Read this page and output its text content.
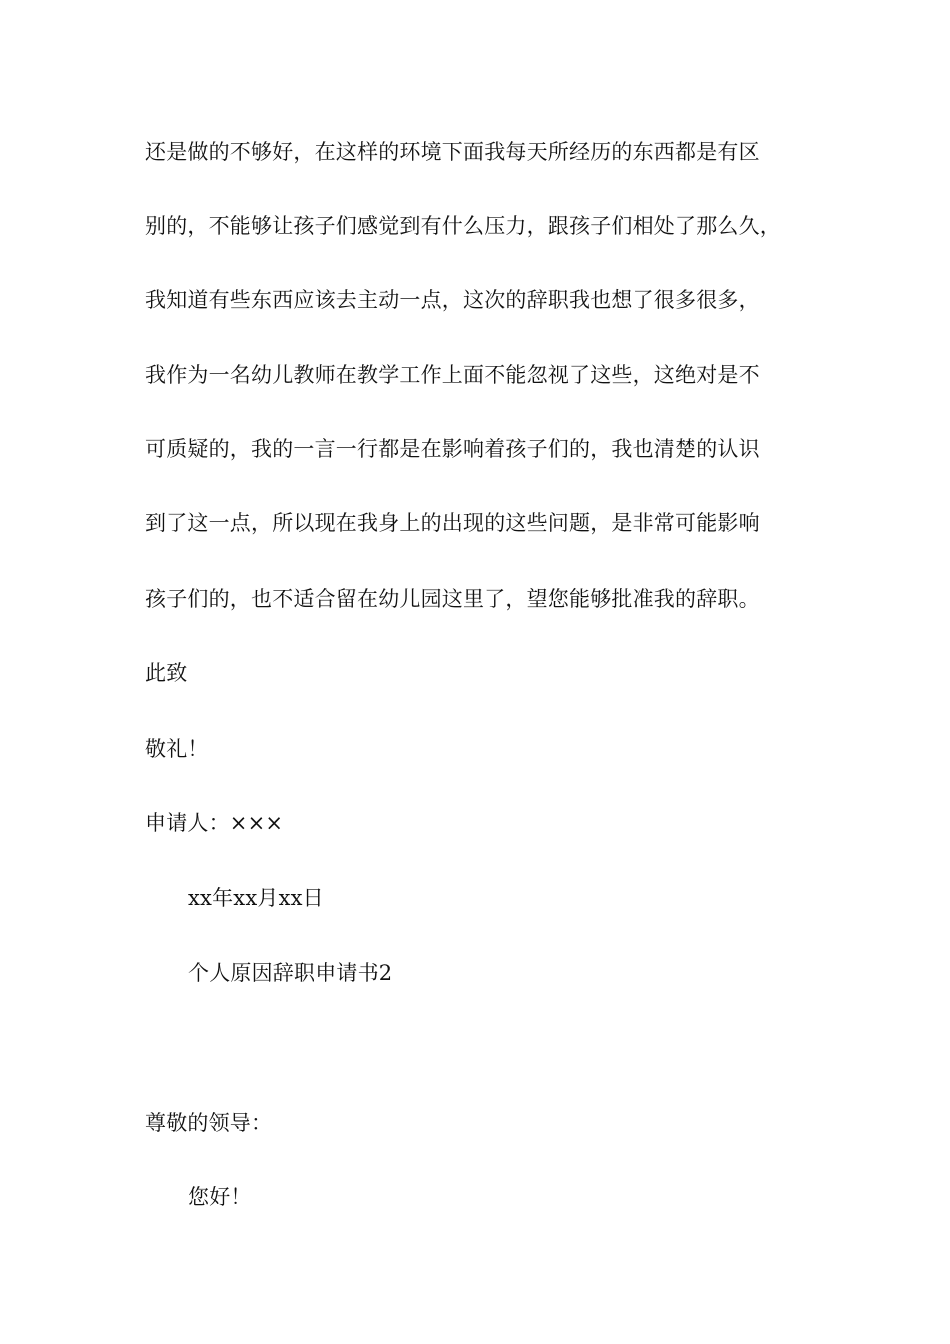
还是做的不够好，在这样的环境下面我每天所经历的东西都是有区
别的，不能够让孩子们感觉到有什么压力，跟孩子们相处了那么久，
我知道有些东西应该去主动一点，这次的辞职我也想了很多很多，
我作为一名幼儿教师在教学工作上面不能忽视了这些，这绝对是不
可质疑的，我的一言一行都是在影响着孩子们的，我也清楚的认识
到了这一点，所以现在我身上的出现的这些问题，是非常可能影响
孩子们的，也不适合留在幼儿园这里了，望您能够批准我的辞职。
此致
敬礼！
申请人：×××
xx年xx月xx日
个人原因辞职申请书2
尊敬的领导：
您好！
